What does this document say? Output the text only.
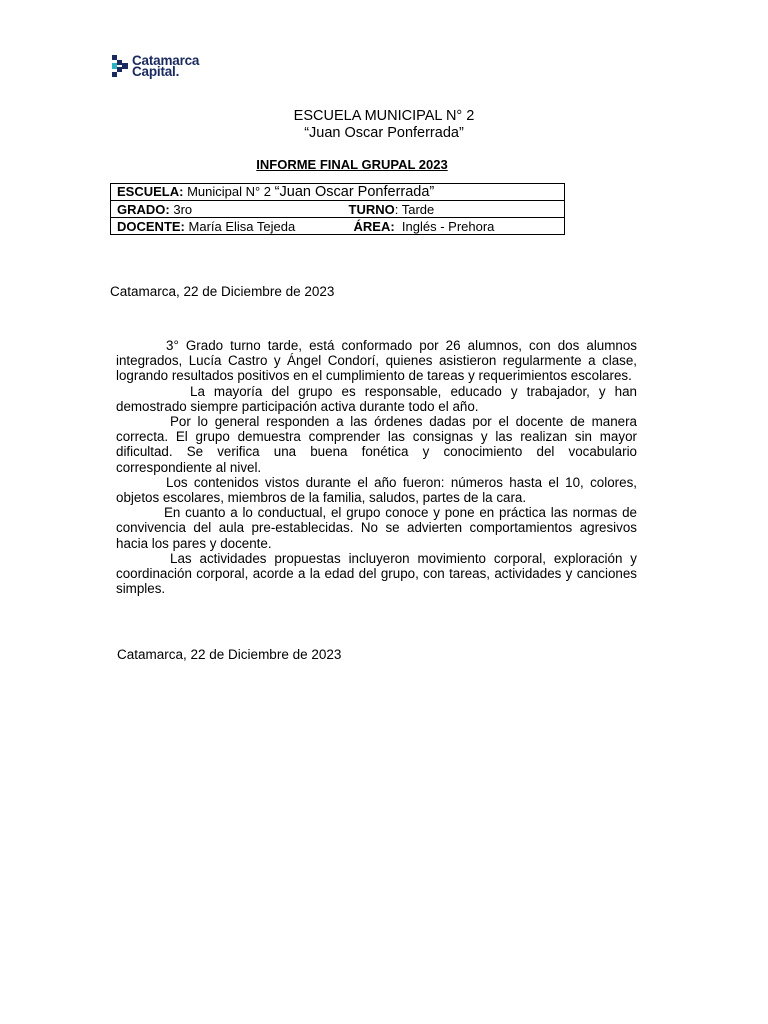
Catamarca
Capital.
ESCUELA MUNICIPAL N° 2
“Juan Oscar Ponferrada”
INFORME FINAL GRUPAL 2023
ESCUELA: Municipal N° 2 “Juan Oscar Ponferrada”
GRADO: 3ro	TURNO: Tarde

DOCENTE: María Elisa Tejeda	ÁREA: Inglés - Prehora
Catamarca, 22 de Diciembre de 2023

3° Grado turno tarde, está conformado por 26 alumnos, con dos alumnos integrados, Lucía Castro y Ángel Condorí, quienes asistieron regularmente a clase, logrando resultados positivos en el cumplimiento de tareas y requerimientos escolares.

La mayoría del grupo es responsable, educado y trabajador, y han demostrado siempre participación activa durante todo el año.

Por lo general responden a las órdenes dadas por el docente de manera correcta. El grupo demuestra comprender las consignas y las realizan sin mayor dificultad. Se verifica una buena fonética y conocimiento del vocabulario correspondiente al nivel.

Los contenidos vistos durante el año fueron: números hasta el 10, colores, objetos escolares, miembros de la familia, saludos, partes de la cara.

En cuanto a lo conductual, el grupo conoce y pone en práctica las normas de convivencia del aula pre-establecidas. No se advierten comportamientos agresivos hacia los pares y docente.

Las actividades propuestas incluyeron movimiento corporal, exploración y coordinación corporal, acorde a la edad del grupo, con tareas, actividades y canciones simples.

Catamarca, 22 de Diciembre de 2023
